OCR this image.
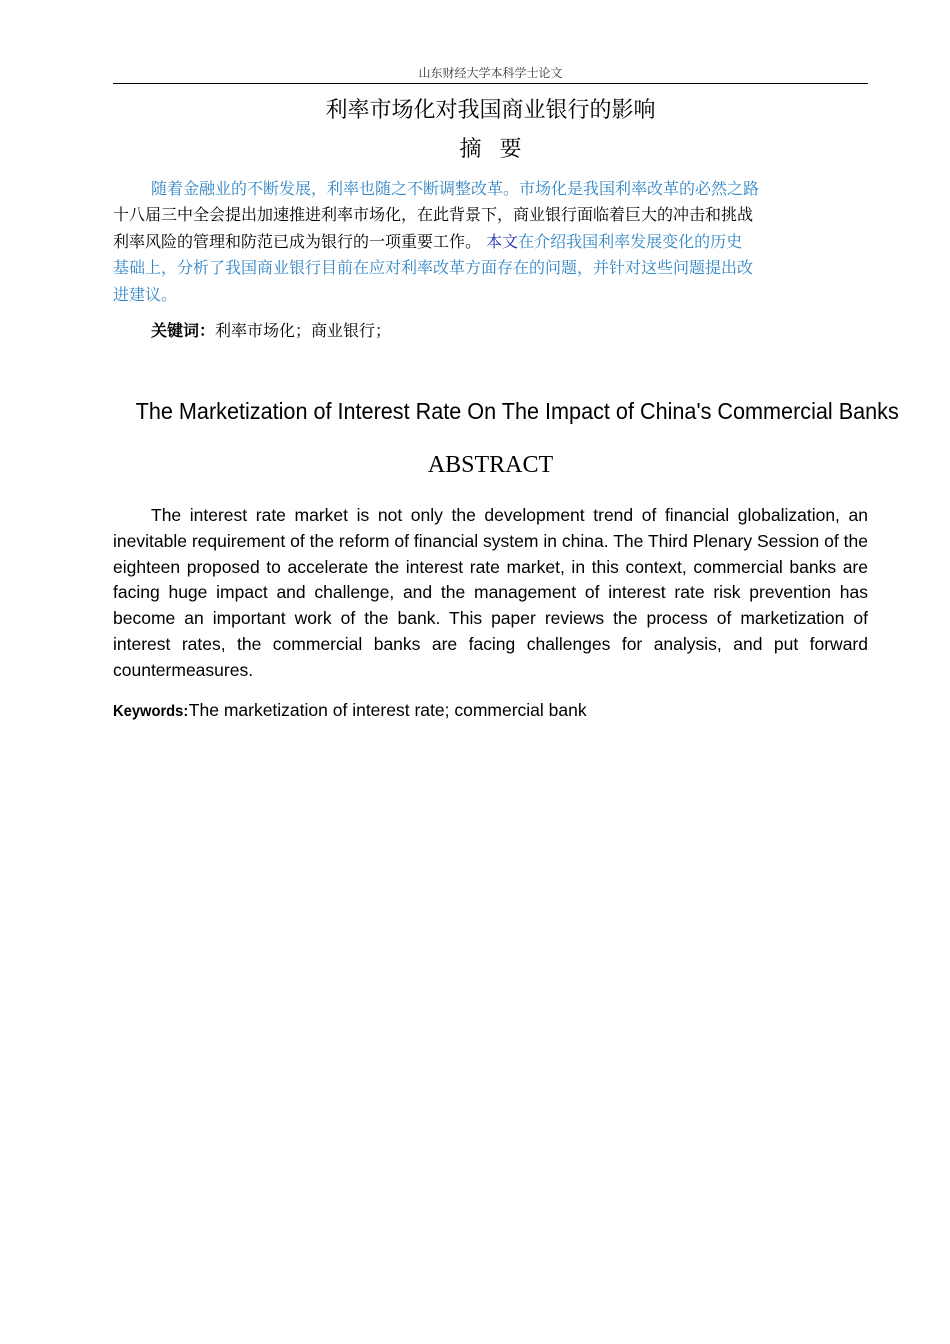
山东财经大学本科学士论文
利率市场化对我国商业银行的影响
摘要
随着金融业的不断发展，利率也随之不断调整改革。市场化是我国利率改革的必然之路
十八届三中全会提出加速推进利率市场化，在此背景下，商业银行面临着巨大的冲击和挑战
利率风险的管理和防范已成为银行的一项重要工作。 本文在介绍我国利率发展变化的历史
基础上，分析了我国商业银行目前在应对利率改革方面存在的问题，并针对这些问题提出改
进建议。
关键词：利率市场化；商业银行；
The Marketization of Interest Rate On The Impact of China's Commercial Banks
ABSTRACT
The interest rate market is not only the development trend of financial globalization, an inevitable requirement of the reform of financial system in china. The Third Plenary Session of the eighteen proposed to accelerate the interest rate market, in this context, commercial banks are facing huge impact and challenge, and the management of interest rate risk prevention has become an important work of the bank. This paper reviews the process of marketization of interest rates, the commercial banks are facing challenges for analysis, and put forward countermeasures.
Keywords:The marketization of interest rate; commercial bank
